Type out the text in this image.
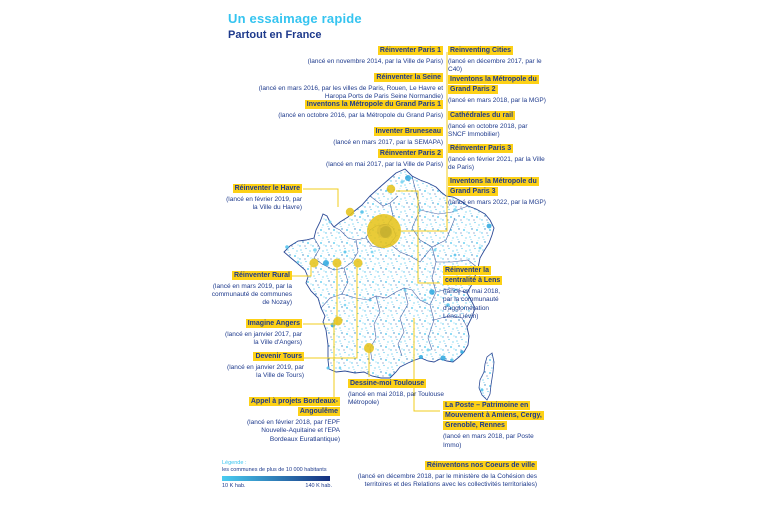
Un essaimage rapide
Partout en France
Réinventer Paris 1
(lancé en novembre 2014, par la Ville de Paris)
Réinventer la Seine
(lancé en mars 2016, par les villes de Paris, Rouen, Le Havre et Haropa Ports de Paris Seine Normandie)
Inventons la Métropole du Grand Paris 1
(lancé en octobre 2016, par la Métropole du Grand Paris)
Inventer Bruneseau
(lancé en mars 2017, par la SEMAPA)
Réinventer Paris 2
(lancé en mai 2017, par la Ville de Paris)
Reinventing Cities
(lancé en décembre 2017, par le C40)
Inventons la Métropole du Grand Paris 2
(lancé en mars 2018, par la MGP)
Cathédrales du rail
(lancé en octobre 2018, par SNCF Immobilier)
Réinventer Paris 3
(lancé en février 2021, par la Ville de Paris)
Inventons la Métropole du Grand Paris 3
(lancé en mars 2022, par la MGP)
Réinventer le Havre
(lancé en février 2019, par la Ville du Havre)
Réinventer Rural
(lancé en mars 2019, par la communauté de communes de Nozay)
Imagine Angers
(lancé en janvier 2017, par la Ville d'Angers)
Devenir Tours
(lancé en janvier 2019, par la Ville de Tours)
Appel à projets Bordeaux-Angoulême
(lancé en février 2018, par l'EPF Nouvelle-Aquitaine et l'EPA Bordeaux Euratlantique)
Dessine-moi Toulouse
(lancé en mai 2018, par Toulouse Métropole)
Réinventer la centralité à Lens
(lancé en mai 2018, par la communauté d'agglomération Lens-Liévin)
La Poste – Patrimoine en Mouvement à Amiens, Cergy, Grenoble, Rennes
(lancé en mars 2018, par Poste Immo)
Réinventons nos Coeurs de ville
(lancé en décembre 2018, par le ministère de la Cohésion des territoires et des Relations avec les collectivités territoriales)
Légende :
les communes de plus de 10 000 habitants
10 K hab.	140 K hab.
